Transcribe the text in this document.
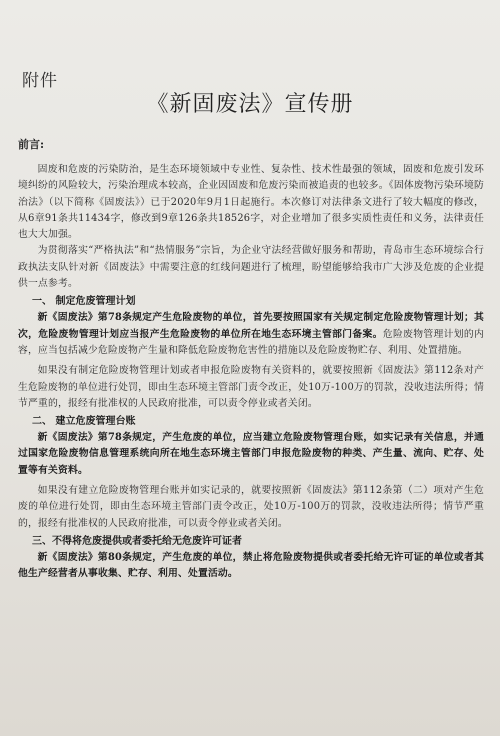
附件
《新固废法》宣传册
前言:

固废和危废的污染防治，是生态环境领域中专业性、复杂性、技术性最强的领域，固废和危废引发环境纠纷的风险较大，污染治理成本较高，企业因固废和危废污染而被追责的也较多。《固体废物污染环境防治法》（以下简称《固废法》）已于2020年9月1日起施行。本次修订对法律条文进行了较大幅度的修改，从6章91条共11434字，修改到9章126条共18526字，对企业增加了很多实质性责任和义务，法律责任也大大加强。

为贯彻落实“严格执法”和“热情服务”宗旨，为企业守法经营做好服务和帮助，青岛市生态环境综合行政执法支队针对新《固废法》中需要注意的红线问题进行了梳理，盼望能够给我市广大涉及危废的企业提供一点参考。

一、 制定危废管理计划

新《固废法》第78条规定产生危险废物的单位，首先要按照国家有关规定制定危险废物管理计划；其次，危险废物管理计划应当报产生危险废物的单位所在地生态环境主管部门备案。危险废物管理计划的内容，应当包括减少危险废物产生量和降低危险废物危害性的措施以及危险废物贮存、利用、处置措施。

如果没有制定危险废物管理计划或者申报危险废物有关资料的，就要按照新《固废法》第112条对产生危险废物的单位进行处罚，即由生态环境主管部门责令改正，处10万-100万的罚款，没收违法所得；情节严重的，报经有批准权的人民政府批准，可以责令停业或者关闭。

二、 建立危废管理台账

新《固废法》第78条规定，产生危废的单位，应当建立危险废物管理台账，如实记录有关信息，并通过国家危险废物信息管理系统向所在地生态环境主管部门申报危险废物的种类、产生量、流向、贮存、处置等有关资料。

如果没有建立危险废物管理台账并如实记录的，就要按照新《固废法》第112条第（二）项对产生危废的单位进行处罚，即由生态环境主管部门责令改正，处10万-100万的罚款，没收违法所得；情节严重的，报经有批准权的人民政府批准，可以责令停业或者关闭。

三、不得将危废提供或者委托给无危废许可证者

新《固废法》第80条规定，产生危废的单位，禁止将危险废物提供或者委托给无许可证的单位或者其他生产经营者从事收集、贮存、利用、处置活动。
